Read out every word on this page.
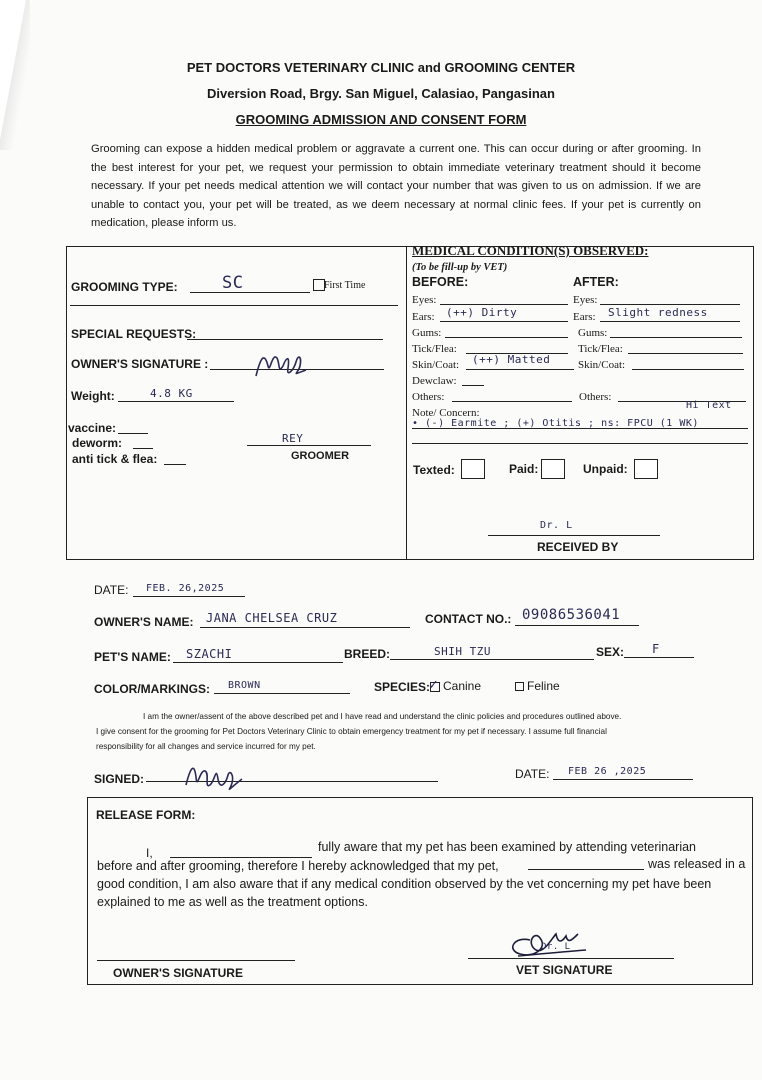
PET DOCTORS VETERINARY CLINIC and GROOMING CENTER
Diversion Road, Brgy. San Miguel, Calasiao, Pangasinan
GROOMING ADMISSION AND CONSENT FORM
Grooming can expose a hidden medical problem or aggravate a current one. This can occur during or after grooming. In the best interest for your pet, we request your permission to obtain immediate veterinary treatment should it become necessary. If your pet needs medical attention we will contact your number that was given to us on admission. If we are unable to contact you, your pet will be treated, as we deem necessary at normal clinic fees. If your pet is currently on medication, please inform us.
GROOMING TYPE:	SC	First Time
SPECIAL REQUESTS:
OWNER'S SIGNATURE :
Weight:	4.8 KG
vaccine:
deworm:
anti tick & flea:
REY
GROOMER
MEDICAL CONDITION(S) OBSERVED:
(To be fill-up by VET)
BEFORE:	AFTER:
Eyes:	Eyes:
Ears: (++) Dirty	Ears: Slight redness
Gums:	Gums:
Tick/Flea:	Tick/Flea:
Skin/Coat: (++) Matted	Skin/Coat:
Dewclaw:
Others:	Others:
Note/ Concern:
Hi Text
• (-) Earmite ; (+) Otitis ; ns: FPCU (1 WK)
Texted:	Paid:	Unpaid:
Dr. L
RECEIVED BY
DATE: FEB. 26,2025
OWNER'S NAME: JANA CHELSEA CRUZ	CONTACT NO.: 09086536041
PET'S NAME: SZACHI	BREED:	SHIH TZU	SEX: F
COLOR/MARKINGS: BROWN	SPECIES:
✓ Canine	Feline
I am the owner/assent of the above described pet and I have read and understand the clinic policies and procedures outlined above.
I give consent for the grooming for Pet Doctors Veterinary Clinic to obtain emergency treatment for my pet if necessary. I assume full financial
responsibility for all changes and service incurred for my pet.
SIGNED:	DATE: FEB 26 ,2025
RELEASE FORM:
I,	fully aware that my pet has been examined by attending veterinarian
before and after grooming, therefore I hereby acknowledged that my pet,	was released in a
good condition, I am also aware that if any medical condition observed by the vet concerning my pet have been
explained to me as well as the treatment options.
OWNER'S SIGNATURE
Dr. L
VET SIGNATURE
